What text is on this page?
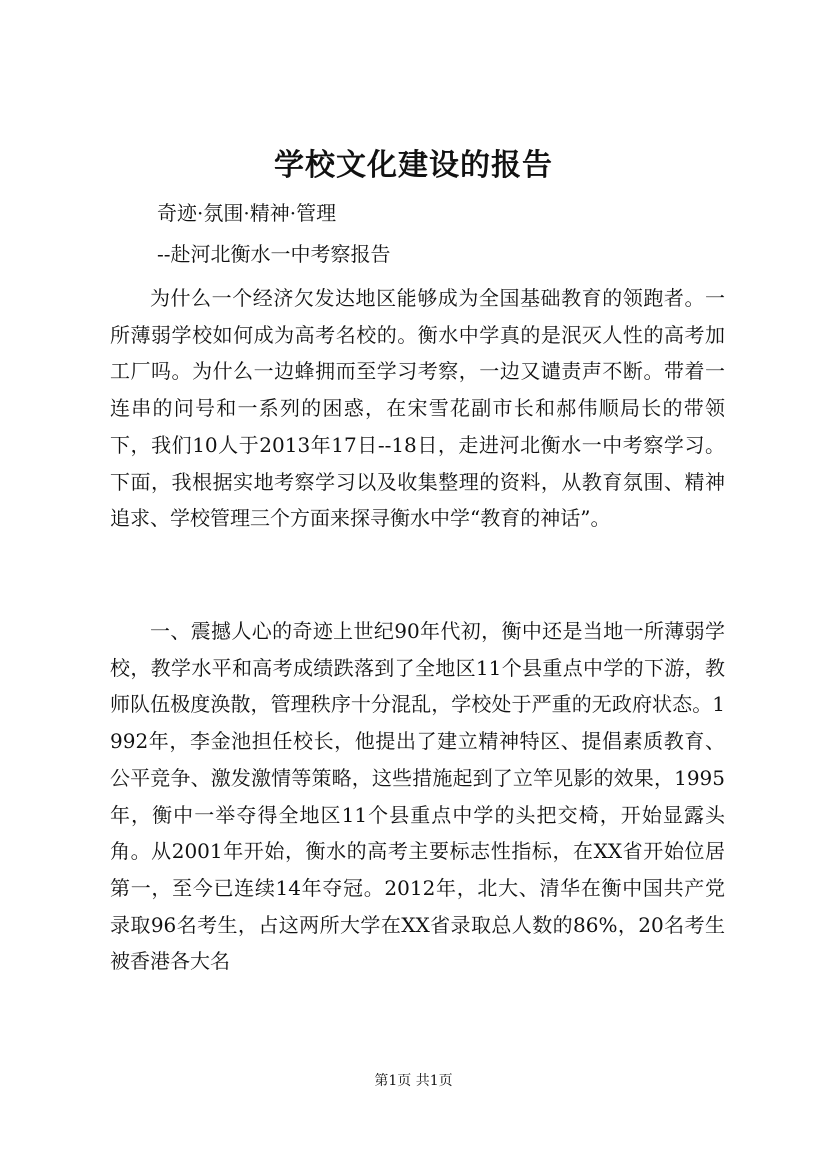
学校文化建设的报告

奇迹·氛围·精神·管理

--赴河北衡水一中考察报告

为什么一个经济欠发达地区能够成为全国基础教育的领跑者。一所薄弱学校如何成为高考名校的。衡水中学真的是泯灭人性的高考加工厂吗。为什么一边蜂拥而至学习考察，一边又谴责声不断。带着一连串的问号和一系列的困惑，在宋雪花副市长和郝伟顺局长的带领下，我们10人于2013年17日--18日，走进河北衡水一中考察学习。下面，我根据实地考察学习以及收集整理的资料，从教育氛围、精神追求、学校管理三个方面来探寻衡水中学“教育的神话”。

一、震撼人心的奇迹上世纪90年代初，衡中还是当地一所薄弱学校，教学水平和高考成绩跌落到了全地区11个县重点中学的下游，教师队伍极度涣散，管理秩序十分混乱，学校处于严重的无政府状态。1992年，李金池担任校长，他提出了建立精神特区、提倡素质教育、公平竞争、激发激情等策略，这些措施起到了立竿见影的效果，1995年，衡中一举夺得全地区11个县重点中学的头把交椅，开始显露头角。从2001年开始，衡水的高考主要标志性指标，在XX省开始位居第一，至今已连续14年夺冠。2012年，北大、清华在衡中国共产党录取96名考生，占这两所大学在XX省录取总人数的86%，20名考生被香港各大名

第1页 共1页
